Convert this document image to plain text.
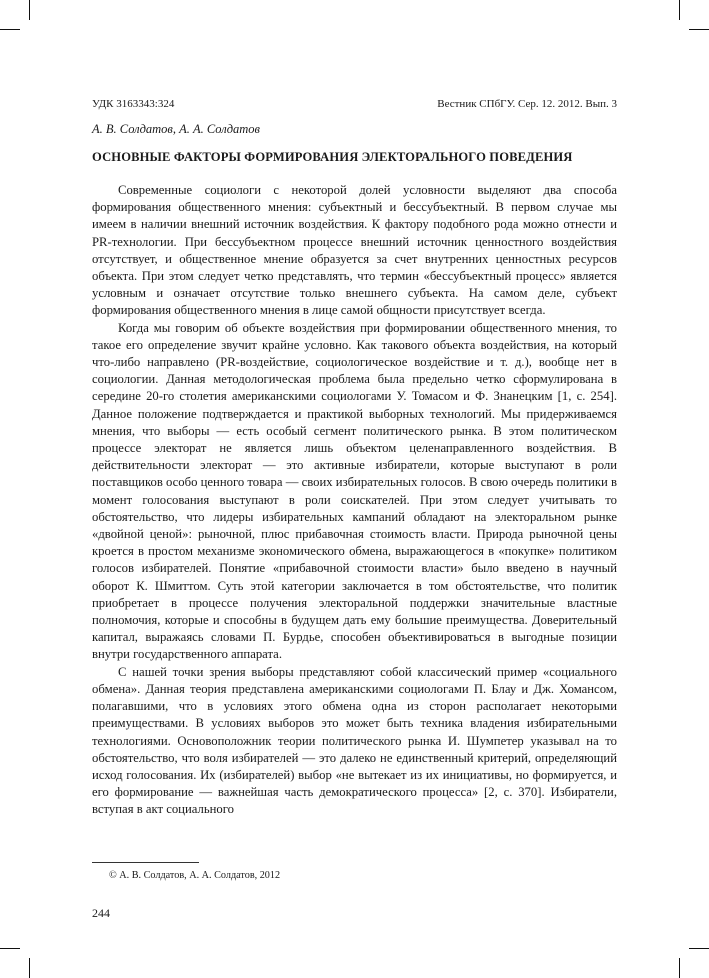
УДК 3163343:324	Вестник СПбГУ. Сер. 12. 2012. Вып. 3
А. В. Солдатов, А. А. Солдатов
ОСНОВНЫЕ ФАКТОРЫ ФОРМИРОВАНИЯ ЭЛЕКТОРАЛЬНОГО ПОВЕДЕНИЯ

Современные социологи с некоторой долей условности выделяют два способа формирования общественного мнения: субъектный и бессубъектный. В первом случае мы имеем в наличии внешний источник воздействия. К фактору подобного рода можно отнести и PR-технологии. При бессубъектном процессе внешний источник ценностного воздействия отсутствует, и общественное мнение образуется за счет внутренних ценностных ресурсов объекта. При этом следует четко представлять, что термин «бессубъектный процесс» является условным и означает отсутствие только внешнего субъекта. На самом деле, субъект формирования общественного мнения в лице самой общности присутствует всегда.

Когда мы говорим об объекте воздействия при формировании общественного мнения, то такое его определение звучит крайне условно. Как такового объекта воздействия, на который что-либо направлено (PR-воздействие, социологическое воздействие и т. д.), вообще нет в социологии. Данная методологическая проблема была предельно четко сформулирована в середине 20-го столетия американскими социологами У. Томасом и Ф. Знанецким [1, с. 254]. Данное положение подтверждается и практикой выборных технологий. Мы придерживаемся мнения, что выборы — есть особый сегмент политического рынка. В этом политическом процессе электорат не является лишь объектом целенаправленного воздействия. В действительности электорат — это активные избиратели, которые выступают в роли поставщиков особо ценного товара — своих избирательных голосов. В свою очередь политики в момент голосования выступают в роли соискателей. При этом следует учитывать то обстоятельство, что лидеры избирательных кампаний обладают на электоральном рынке «двойной ценой»: рыночной, плюс прибавочная стоимость власти. Природа рыночной цены кроется в простом механизме экономического обмена, выражающегося в «покупке» политиком голосов избирателей. Понятие «прибавочной стоимости власти» было введено в научный оборот К. Шмиттом. Суть этой категории заключается в том обстоятельстве, что политик приобретает в процессе получения электоральной поддержки значительные властные полномочия, которые и способны в будущем дать ему большие преимущества. Доверительный капитал, выражаясь словами П. Бурдье, способен объективироваться в выгодные позиции внутри государственного аппарата.

С нашей точки зрения выборы представляют собой классический пример «социального обмена». Данная теория представлена американскими социологами П. Блау и Дж. Хомансом, полагавшими, что в условиях этого обмена одна из сторон располагает некоторыми преимуществами. В условиях выборов это может быть техника владения избирательными технологиями. Основоположник теории политического рынка И. Шумпетер указывал на то обстоятельство, что воля избирателей — это далеко не единственный критерий, определяющий исход голосования. Их (избирателей) выбор «не вытекает из их инициативы, но формируется, и его формирование — важнейшая часть демократического процесса» [2, с. 370]. Избиратели, вступая в акт социального

© А. В. Солдатов, А. А. Солдатов, 2012
244
